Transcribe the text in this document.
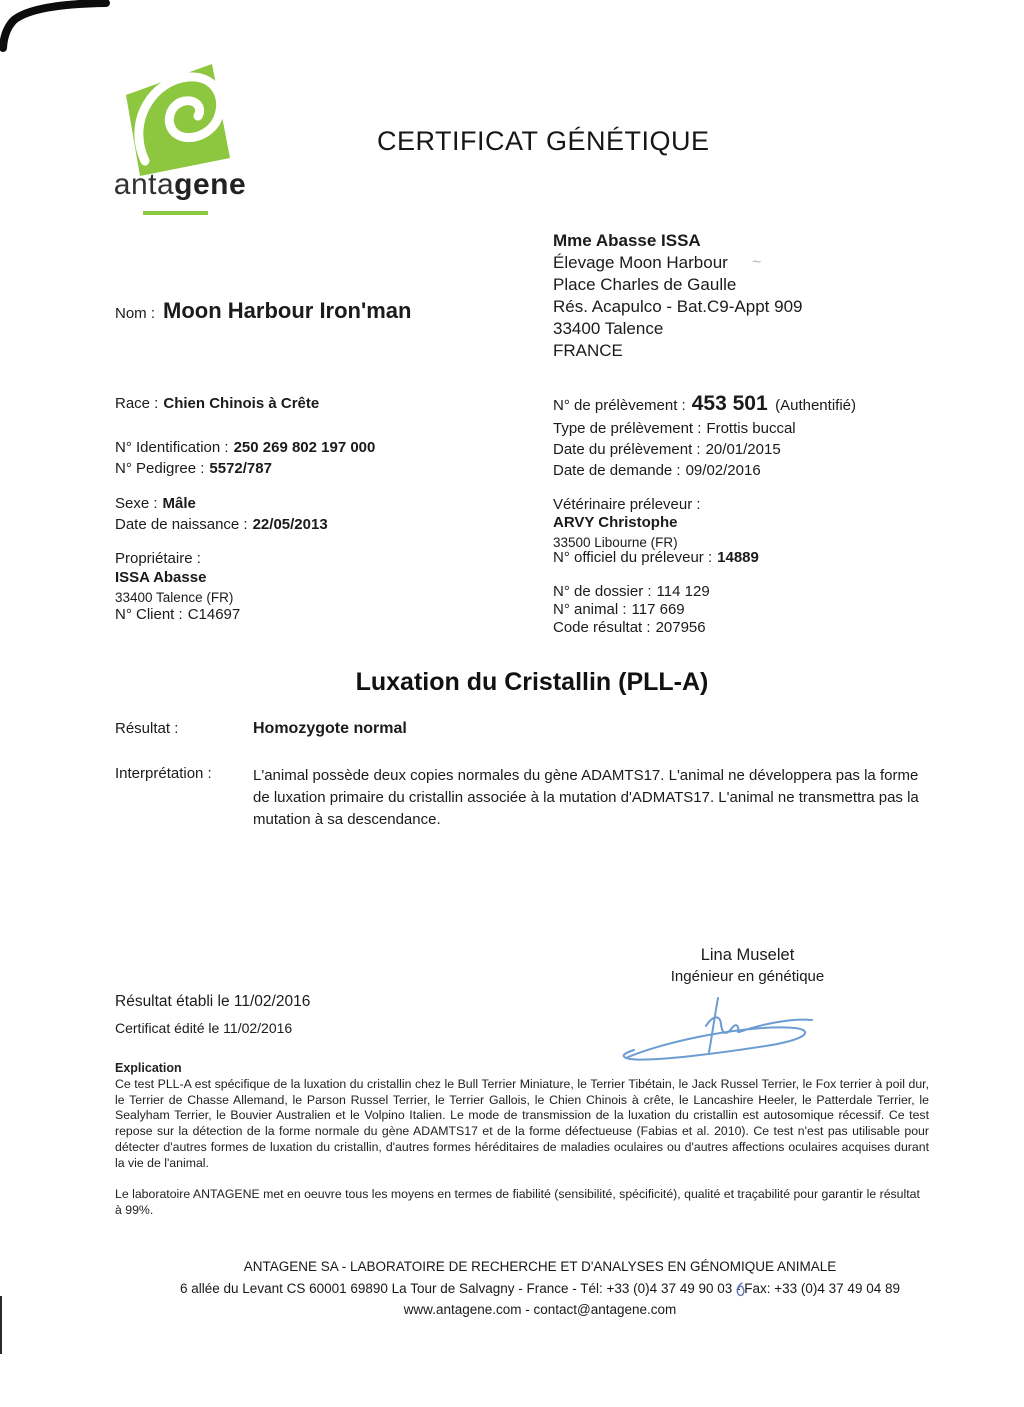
antagene
CERTIFICAT GÉNÉTIQUE
Mme Abasse ISSA
Élevage Moon Harbour
Place Charles de Gaulle
Rés. Acapulco - Bat.C9-Appt 909
33400 Talence
FRANCE
~
Nom : Moon Harbour Iron'man
Race : Chien Chinois à Crête
N° Identification : 250 269 802 197 000
N° Pedigree : 5572/787
Sexe : Mâle
Date de naissance : 22/05/2013
Propriétaire :
ISSA Abasse
33400 Talence (FR)
N° Client : C14697
N° de prélèvement : 453 501 (Authentifié)
Type de prélèvement : Frottis buccal
Date du prélèvement : 20/01/2015
Date de demande : 09/02/2016
Vétérinaire préleveur :
ARVY Christophe
33500 Libourne (FR)
N° officiel du préleveur : 14889
N° de dossier : 114 129
N° animal : 117 669
Code résultat : 207956
Luxation du Cristallin (PLL-A)
Résultat :	Homozygote normal
Interprétation :	L'animal possède deux copies normales du gène ADAMTS17. L'animal ne développera pas la forme de luxation primaire du cristallin associée à la mutation d'ADMATS17. L'animal ne transmettra pas la mutation à sa descendance.
Lina Muselet
Ingénieur en génétique
Résultat établi le 11/02/2016
Certificat édité le 11/02/2016
Explication
Ce test PLL-A est spécifique de la luxation du cristallin chez le Bull Terrier Miniature, le Terrier Tibétain, le Jack Russel Terrier, le Fox terrier à poil dur, le Terrier de Chasse Allemand, le Parson Russel Terrier, le Terrier Gallois, le Chien Chinois à crête, le Lancashire Heeler, le Patterdale Terrier, le Sealyham Terrier, le Bouvier Australien et le Volpino Italien. Le mode de transmission de la luxation du cristallin est autosomique récessif. Ce test repose sur la détection de la forme normale du gène ADAMTS17 et de la forme défectueuse (Fabias et al. 2010). Ce test n'est pas utilisable pour détecter d'autres formes de luxation du cristallin, d'autres formes héréditaires de maladies oculaires ou d'autres affections oculaires acquises durant la vie de l'animal.
Le laboratoire ANTAGENE met en oeuvre tous les moyens en termes de fiabilité (sensibilité, spécificité), qualité et traçabilité pour garantir le résultat à 99%.
ANTAGENE SA - LABORATOIRE DE RECHERCHE ET D'ANALYSES EN GÉNOMIQUE ANIMALE
6 allée du Levant CS 60001 69890 La Tour de Salvagny - France - Tél: +33 (0)4 37 49 90 03 - Fax: +33 (0)4 37 49 04 89
www.antagene.com - contact@antagene.com
